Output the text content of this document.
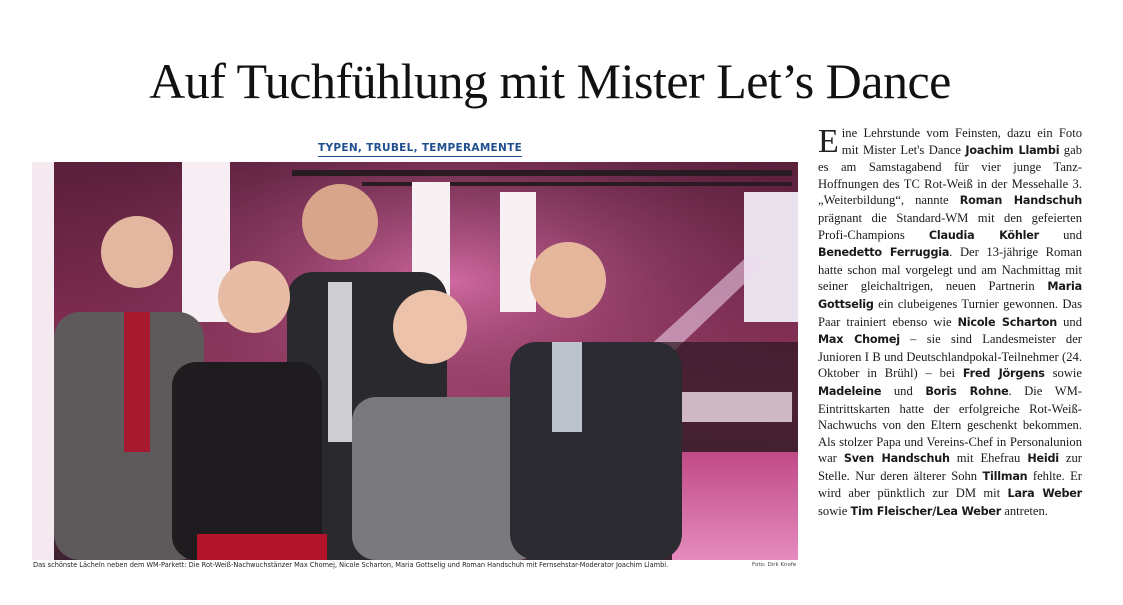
Auf Tuchfühlung mit Mister Let’s Dance
TYPEN, TRUBEL, TEMPERAMENTE
Das schönste Lächeln neben dem WM-Parkett: Die Rot-Weiß-Nachwuchstänzer Max Chomej, Nicole Scharton, Maria Gottselig und Roman Handschuh mit Fernsehstar-Moderator Joachim Llambi.	Foto: Dirk Knofe

Eine Lehrstunde vom Feinsten, dazu ein Foto mit Mister Let's Dance Joachim Llambi gab es am Samstagabend für vier junge Tanz-Hoffnungen des TC Rot-Weiß in der Messehalle 3. „Weiterbildung“, nannte Roman Handschuh prägnant die Standard-WM mit den gefeierten Profi-Champions Claudia Köhler und Benedetto Ferruggia. Der 13-jährige Roman hatte schon mal vorgelegt und am Nachmittag mit seiner gleichaltrigen, neuen Partnerin Maria Gottselig ein clubeigenes Turnier gewonnen. Das Paar trainiert ebenso wie Nicole Scharton und Max Chomej – sie sind Landesmeister der Junioren I B und Deutschlandpokal-Teilnehmer (24. Oktober in Brühl) – bei Fred Jörgens sowie Madeleine und Boris Rohne. Die WM-Eintrittskarten hatte der erfolgreiche Rot-Weiß-Nachwuchs von den Eltern geschenkt bekommen. Als stolzer Papa und Vereins-Chef in Personalunion war Sven Handschuh mit Ehefrau Heidi zur Stelle. Nur deren älterer Sohn Tillman fehlte. Er wird aber pünktlich zur DM mit Lara Weber sowie Tim Fleischer/Lea Weber antreten.
